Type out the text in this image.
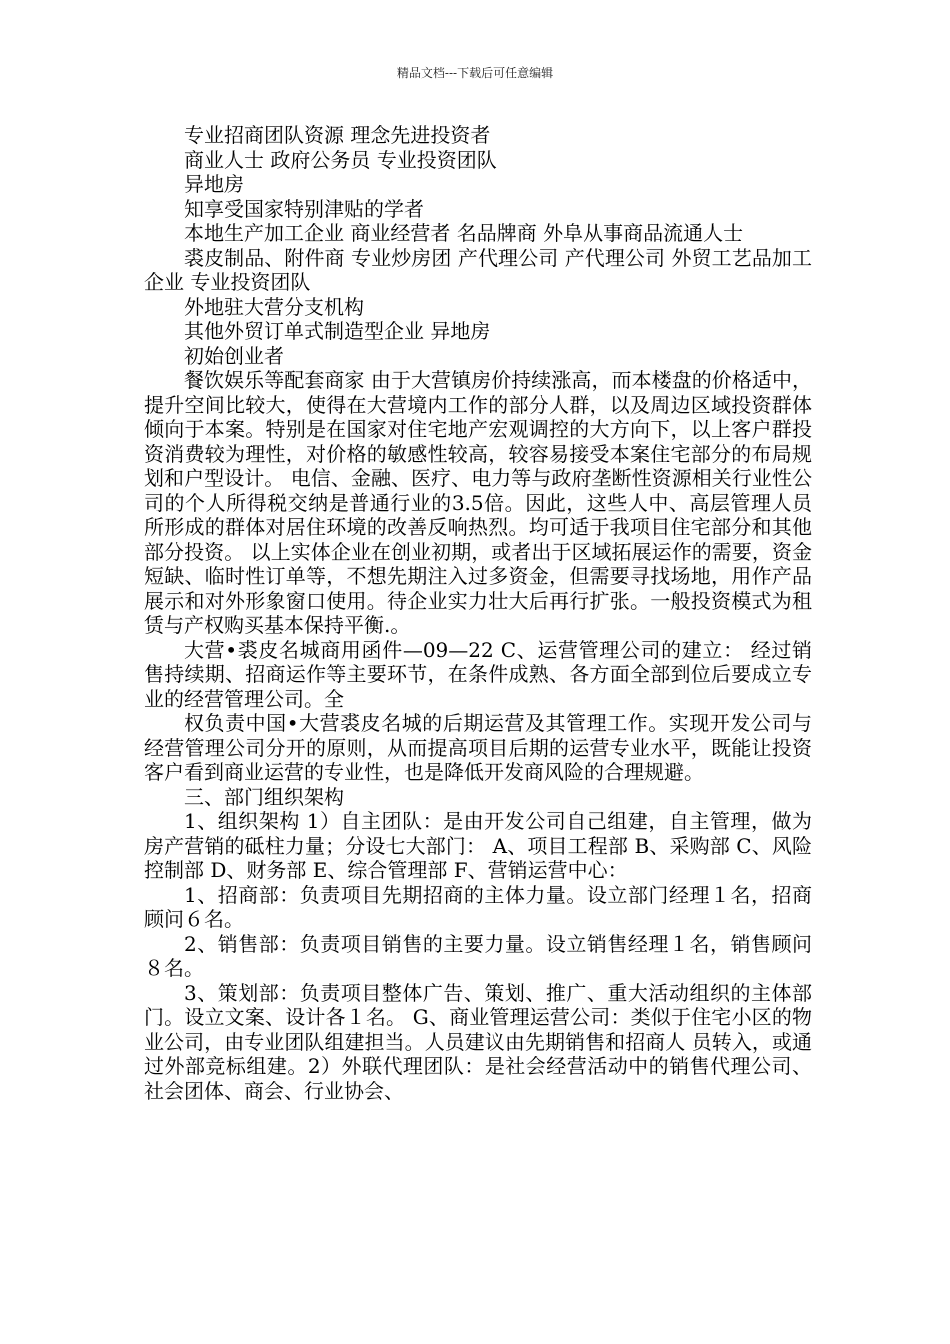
精品文档---下载后可任意编辑

专业招商团队资源 理念先进投资者

商业人士 政府公务员 专业投资团队

异地房

知享受国家特别津贴的学者

本地生产加工企业 商业经营者 名品牌商 外阜从事商品流通人士

裘皮制品、附件商 专业炒房团 产代理公司 产代理公司 外贸工艺品加工企业 专业投资团队

外地驻大营分支机构

其他外贸订单式制造型企业 异地房

初始创业者

餐饮娱乐等配套商家 由于大营镇房价持续涨高，而本楼盘的价格适中，提升空间比较大，使得在大营境内工作的部分人群，以及周边区域投资群体倾向于本案。特别是在国家对住宅地产宏观调控的大方向下，以上客户群投资消费较为理性，对价格的敏感性较高，较容易接受本案住宅部分的布局规划和户型设计。 电信、金融、医疗、电力等与政府垄断性资源相关行业性公司的个人所得税交纳是普通行业的3.5倍。因此，这些人中、高层管理人员所形成的群体对居住环境的改善反响热烈。均可适于我项目住宅部分和其他部分投资。 以上实体企业在创业初期，或者出于区域拓展运作的需要，资金短缺、临时性订单等，不想先期注入过多资金，但需要寻找场地，用作产品展示和对外形象窗口使用。待企业实力壮大后再行扩张。一般投资模式为租赁与产权购买基本保持平衡.。

大营•裘皮名城商用函件—09—22 C、运营管理公司的建立： 经过销售持续期、招商运作等主要环节，在条件成熟、各方面全部到位后要成立专业的经营管理公司。全

权负责中国•大营裘皮名城的后期运营及其管理工作。实现开发公司与经营管理公司分开的原则，从而提高项目后期的运营专业水平，既能让投资客户看到商业运营的专业性，也是降低开发商风险的合理规避。

三、部门组织架构

1、组织架构 1）自主团队：是由开发公司自己组建，自主管理，做为房产营销的砥柱力量；分设七大部门： A、项目工程部 B、采购部 C、风险控制部 D、财务部 E、综合管理部 F、营销运营中心：

1、招商部：负责项目先期招商的主体力量。设立部门经理１名，招商顾问６名。

2、销售部：负责项目销售的主要力量。设立销售经理１名，销售顾问８名。

3、策划部：负责项目整体广告、策划、推广、重大活动组织的主体部门。设立文案、设计各１名。 G、商业管理运营公司：类似于住宅小区的物业公司，由专业团队组建担当。人员建议由先期销售和招商人 员转入，或通过外部竞标组建。2）外联代理团队：是社会经营活动中的销售代理公司、社会团体、商会、行业协会、
